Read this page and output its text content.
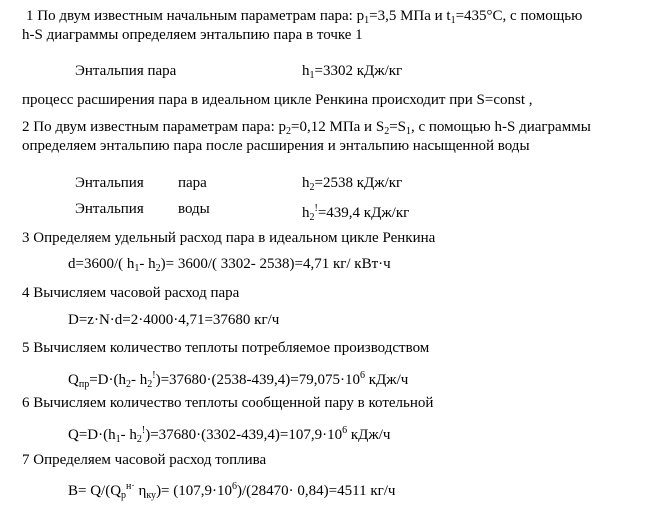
1 По двум известным начальным параметрам пара: $p_1=3,5$ МПа и $t_1=435^\circ С$, с помощью
h-S диаграммы определяем энтальпию пара в точке 1
Энтальпия пара	$h_1=3302$ кДж/кг
процесс расширения пара в идеальном цикле Ренкина происходит при S=const ,
2 По двум известным параметрам пара: $p_2=0,12$ МПа и $S_2=S_1$, с помощью h-S диаграммы
определяем энтальпию пара после расширения и энтальпию насыщенной воды
Энтальпия пара	$h_2=2538$ кДж/кг
Энтальпия воды	$h_2^!=439,4$ кДж/кг
3 Определяем удельный расход пара в идеальном цикле Ренкина
d=3600/( $h_1-$ $h_2)= 3600/$( 3302- 2538)=4,71 кг/ кВт·ч
4 Вычисляем часовой расход пара
D=z·N·d=2·4000·4,71=37680 кг/ч
5 Вычисляем количество теплоты потребляемое производством
$Q_{пр}=D\cdot(h_2-$ $h_2^!)=37680\cdot(2538-439,4)=79,075\cdot 10^6$ кДж/ч
6 Вычисляем количество теплоты сообщенной пару в котельной
$Q=D\cdot(h_1-$ $h_2^!)=37680\cdot(3302-439,4)=107,9\cdot 10^6$ кДж/ч
7 Определяем часовой расход топлива
$B= Q/(Q_р^{н\cdot}$ $\eta_{ку})= (107,9\cdot 10^6)/(28470\cdot 0,84)=4511$ кг/ч
